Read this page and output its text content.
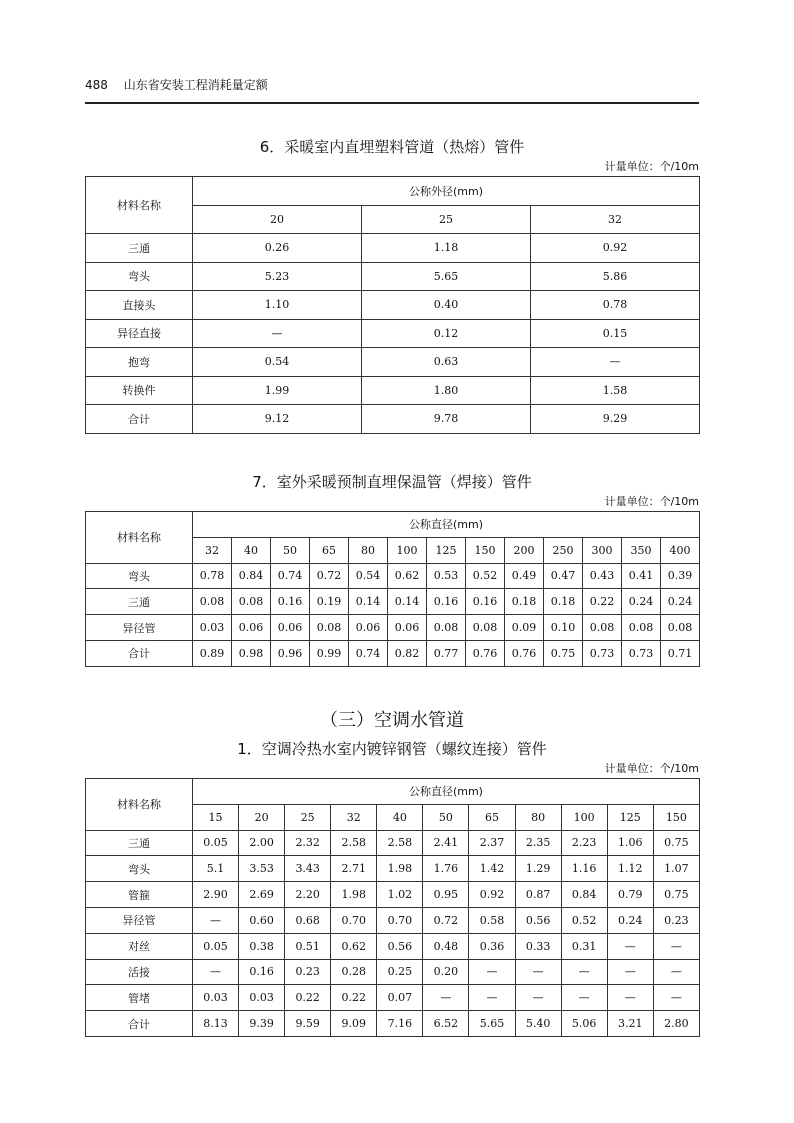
488 山东省安装工程消耗量定额
6．采暖室内直埋塑料管道（热熔）管件
计量单位：个/10m
材料名称	公称外径(mm)		
	20	25	32
三通	0.26	1.18	0.92
弯头	5.23	5.65	5.86
直接头	1.10	0.40	0.78
异径直接	—	0.12	0.15
抱弯	0.54	0.63	—
转换件	1.99	1.80	1.58
合计	9.12	9.78	9.29
7．室外采暖预制直埋保温管（焊接）管件
计量单位：个/10m
材料名称	公称直径(mm)												
	32	40	50	65	80	100	125	150	200	250	300	350	400
弯头	0.78	0.84	0.74	0.72	0.54	0.62	0.53	0.52	0.49	0.47	0.43	0.41	0.39
三通	0.08	0.08	0.16	0.19	0.14	0.14	0.16	0.16	0.18	0.18	0.22	0.24	0.24
异径管	0.03	0.06	0.06	0.08	0.06	0.06	0.08	0.08	0.09	0.10	0.08	0.08	0.08
合计	0.89	0.98	0.96	0.99	0.74	0.82	0.77	0.76	0.76	0.75	0.73	0.73	0.71
（三）空调水管道
1．空调冷热水室内镀锌钢管（螺纹连接）管件
计量单位：个/10m
材料名称	公称直径(mm)										
	15	20	25	32	40	50	65	80	100	125	150
三通	0.05	2.00	2.32	2.58	2.58	2.41	2.37	2.35	2.23	1.06	0.75
弯头	5.1	3.53	3.43	2.71	1.98	1.76	1.42	1.29	1.16	1.12	1.07
管箍	2.90	2.69	2.20	1.98	1.02	0.95	0.92	0.87	0.84	0.79	0.75
异径管	—	0.60	0.68	0.70	0.70	0.72	0.58	0.56	0.52	0.24	0.23
对丝	0.05	0.38	0.51	0.62	0.56	0.48	0.36	0.33	0.31	—	—
活接	—	0.16	0.23	0.28	0.25	0.20	—	—	—	—	—
管堵	0.03	0.03	0.22	0.22	0.07	—	—	—	—	—	—
合计	8.13	9.39	9.59	9.09	7.16	6.52	5.65	5.40	5.06	3.21	2.80
